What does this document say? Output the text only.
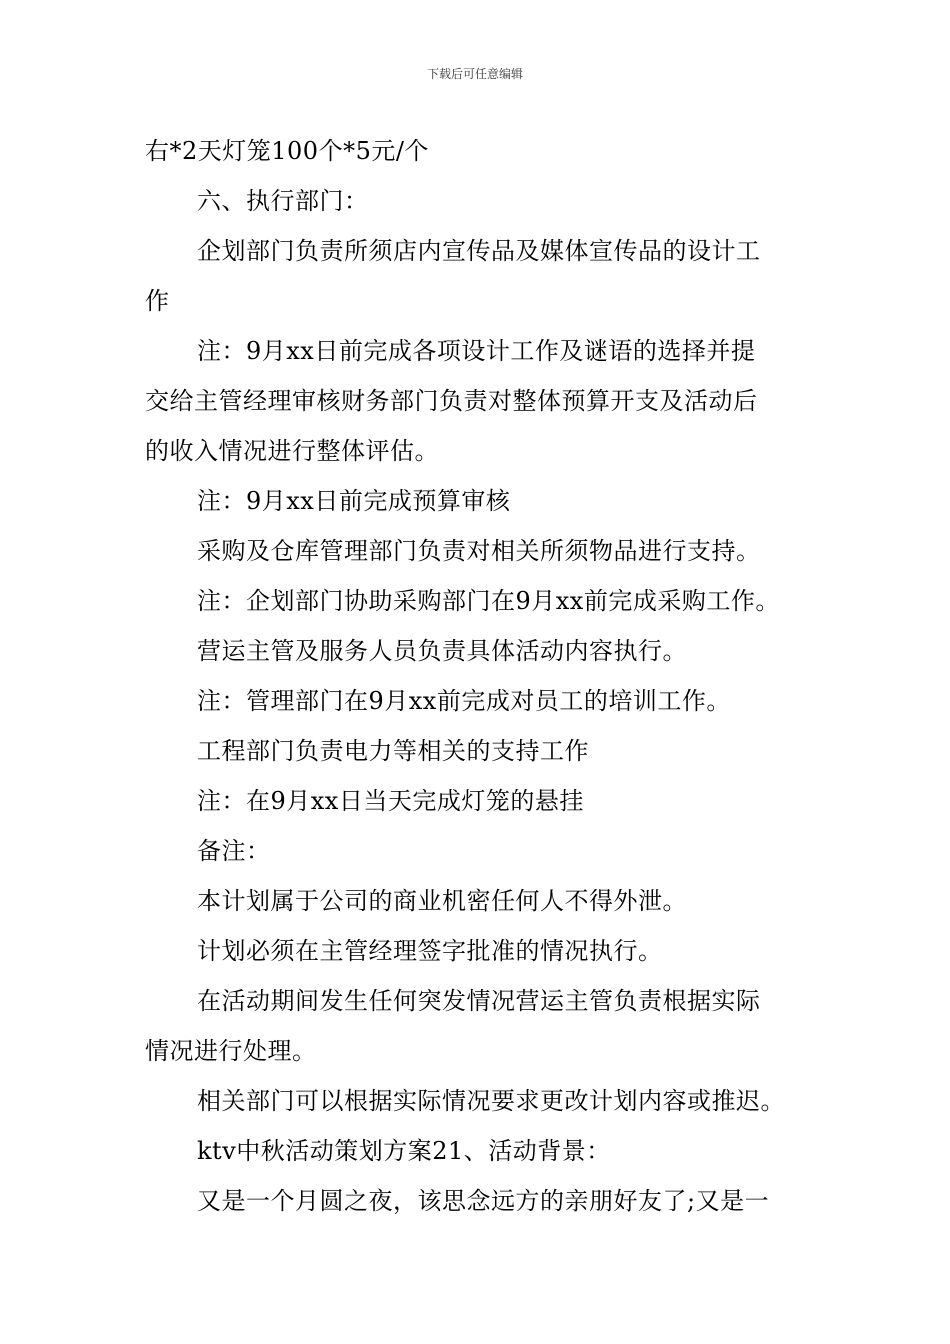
下载后可任意编辑
右*2天灯笼100个*5元/个
六、执行部门：
企划部门负责所须店内宣传品及媒体宣传品的设计工
作
注：9月xx日前完成各项设计工作及谜语的选择并提
交给主管经理审核财务部门负责对整体预算开支及活动后
的收入情况进行整体评估。
注：9月xx日前完成预算审核
采购及仓库管理部门负责对相关所须物品进行支持。
注：企划部门协助采购部门在9月xx前完成采购工作。
营运主管及服务人员负责具体活动内容执行。
注：管理部门在9月xx前完成对员工的培训工作。
工程部门负责电力等相关的支持工作
注：在9月xx日当天完成灯笼的悬挂
备注：
本计划属于公司的商业机密任何人不得外泄。
计划必须在主管经理签字批准的情况执行。
在活动期间发生任何突发情况营运主管负责根据实际
情况进行处理。
相关部门可以根据实际情况要求更改计划内容或推迟。
ktv中秋活动策划方案21、活动背景：
又是一个月圆之夜，该思念远方的亲朋好友了;又是一
